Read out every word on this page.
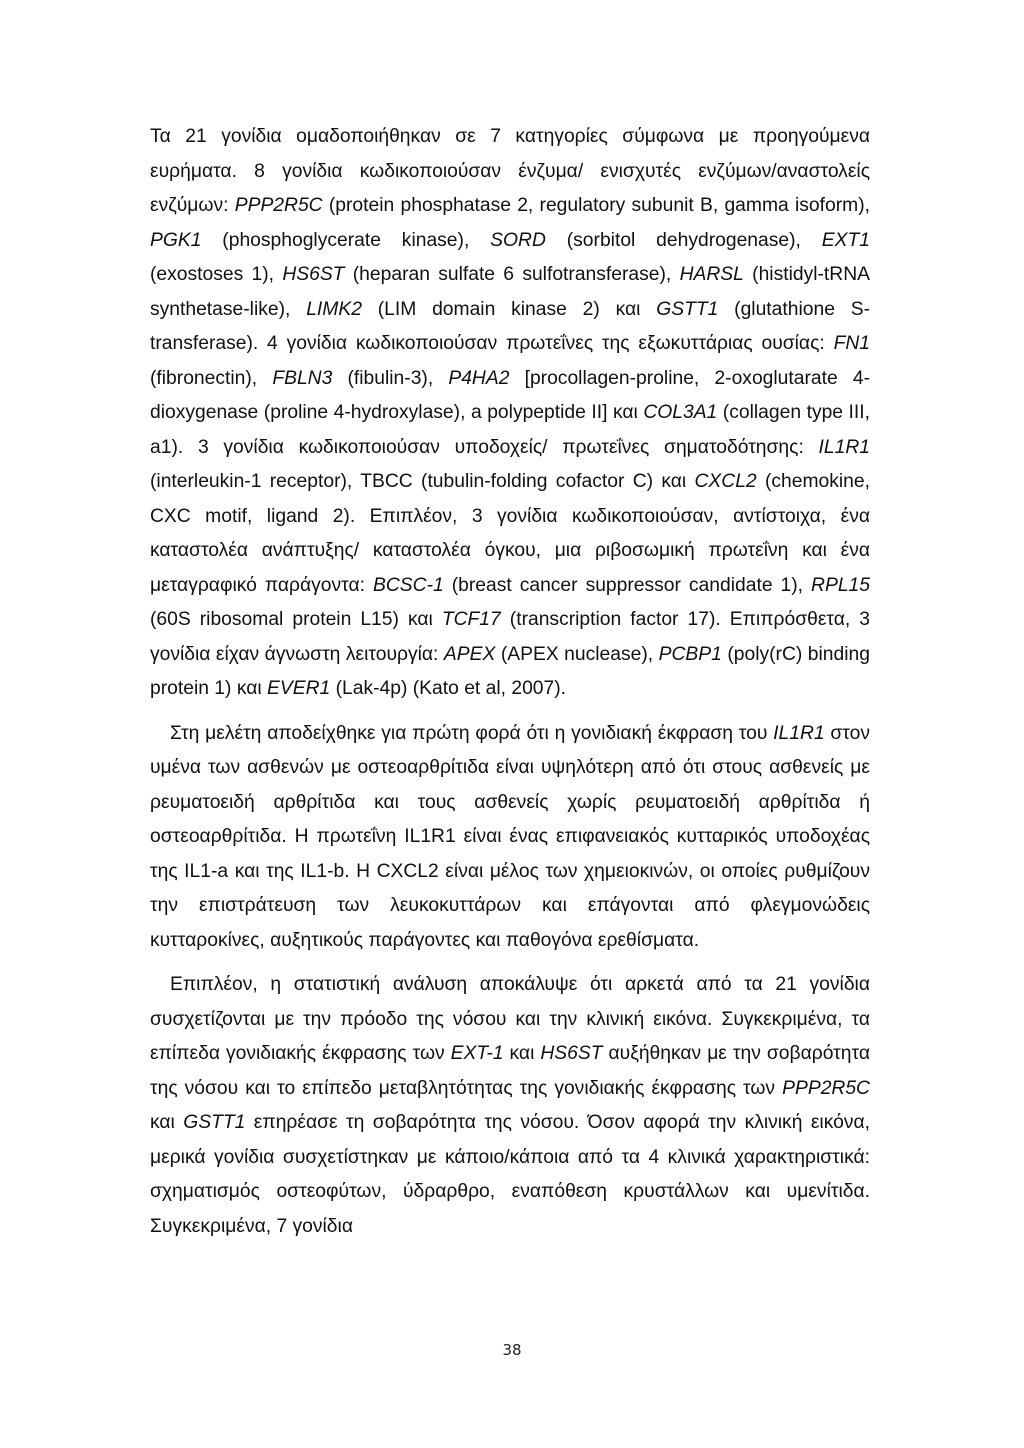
Τα 21 γονίδια ομαδοποιήθηκαν σε 7 κατηγορίες σύμφωνα με προηγούμενα ευρήματα. 8 γονίδια κωδικοποιούσαν ένζυμα/ ενισχυτές ενζύμων/αναστολείς ενζύμων: PPP2R5C (protein phosphatase 2, regulatory subunit B, gamma isoform), PGK1 (phosphoglycerate kinase), SORD (sorbitol dehydrogenase), EXT1 (exostoses 1), HS6ST (heparan sulfate 6 sulfotransferase), HARSL (histidyl-tRNA synthetase-like), LIMK2 (LIM domain kinase 2) και GSTT1 (glutathione S-transferase). 4 γονίδια κωδικοποιούσαν πρωτεΐνες της εξωκυττάριας ουσίας: FN1 (fibronectin), FBLN3 (fibulin-3), P4HA2 [procollagen-proline, 2-oxoglutarate 4-dioxygenase (proline 4-hydroxylase), a polypeptide II] και COL3A1 (collagen type III, a1). 3 γονίδια κωδικοποιούσαν υποδοχείς/ πρωτεΐνες σηματοδότησης: IL1R1 (interleukin-1 receptor), TBCC (tubulin-folding cofactor C) και CXCL2 (chemokine, CXC motif, ligand 2). Επιπλέον, 3 γονίδια κωδικοποιούσαν, αντίστοιχα, ένα καταστολέα ανάπτυξης/ καταστολέα όγκου, μια ριβοσωμική πρωτεΐνη και ένα μεταγραφικό παράγοντα: BCSC-1 (breast cancer suppressor candidate 1), RPL15 (60S ribosomal protein L15) και TCF17 (transcription factor 17). Επιπρόσθετα, 3 γονίδια είχαν άγνωστη λειτουργία: APEX (APEX nuclease), PCBP1 (poly(rC) binding protein 1) και EVER1 (Lak-4p) (Kato et al, 2007).

Στη μελέτη αποδείχθηκε για πρώτη φορά ότι η γονιδιακή έκφραση του IL1R1 στον υμένα των ασθενών με οστεοαρθρίτιδα είναι υψηλότερη από ότι στους ασθενείς με ρευματοειδή αρθρίτιδα και τους ασθενείς χωρίς ρευματοειδή αρθρίτιδα ή οστεοαρθρίτιδα. Η πρωτεΐνη IL1R1 είναι ένας επιφανειακός κυτταρικός υποδοχέας της IL1-a και της IL1-b. Η CXCL2 είναι μέλος των χημειοκινών, οι οποίες ρυθμίζουν την επιστράτευση των λευκοκυττάρων και επάγονται από φλεγμονώδεις κυτταροκίνες, αυξητικούς παράγοντες και παθογόνα ερεθίσματα.

Επιπλέον, η στατιστική ανάλυση αποκάλυψε ότι αρκετά από τα 21 γονίδια συσχετίζονται με την πρόοδο της νόσου και την κλινική εικόνα. Συγκεκριμένα, τα επίπεδα γονιδιακής έκφρασης των EXT-1 και HS6ST αυξήθηκαν με την σοβαρότητα της νόσου και το επίπεδο μεταβλητότητας της γονιδιακής έκφρασης των PPP2R5C και GSTT1 επηρέασε τη σοβαρότητα της νόσου. Όσον αφορά την κλινική εικόνα, μερικά γονίδια συσχετίστηκαν με κάποιο/κάποια από τα 4 κλινικά χαρακτηριστικά: σχηματισμός οστεοφύτων, ύδραρθρο, εναπόθεση κρυστάλλων και υμενίτιδα. Συγκεκριμένα, 7 γονίδια

38
